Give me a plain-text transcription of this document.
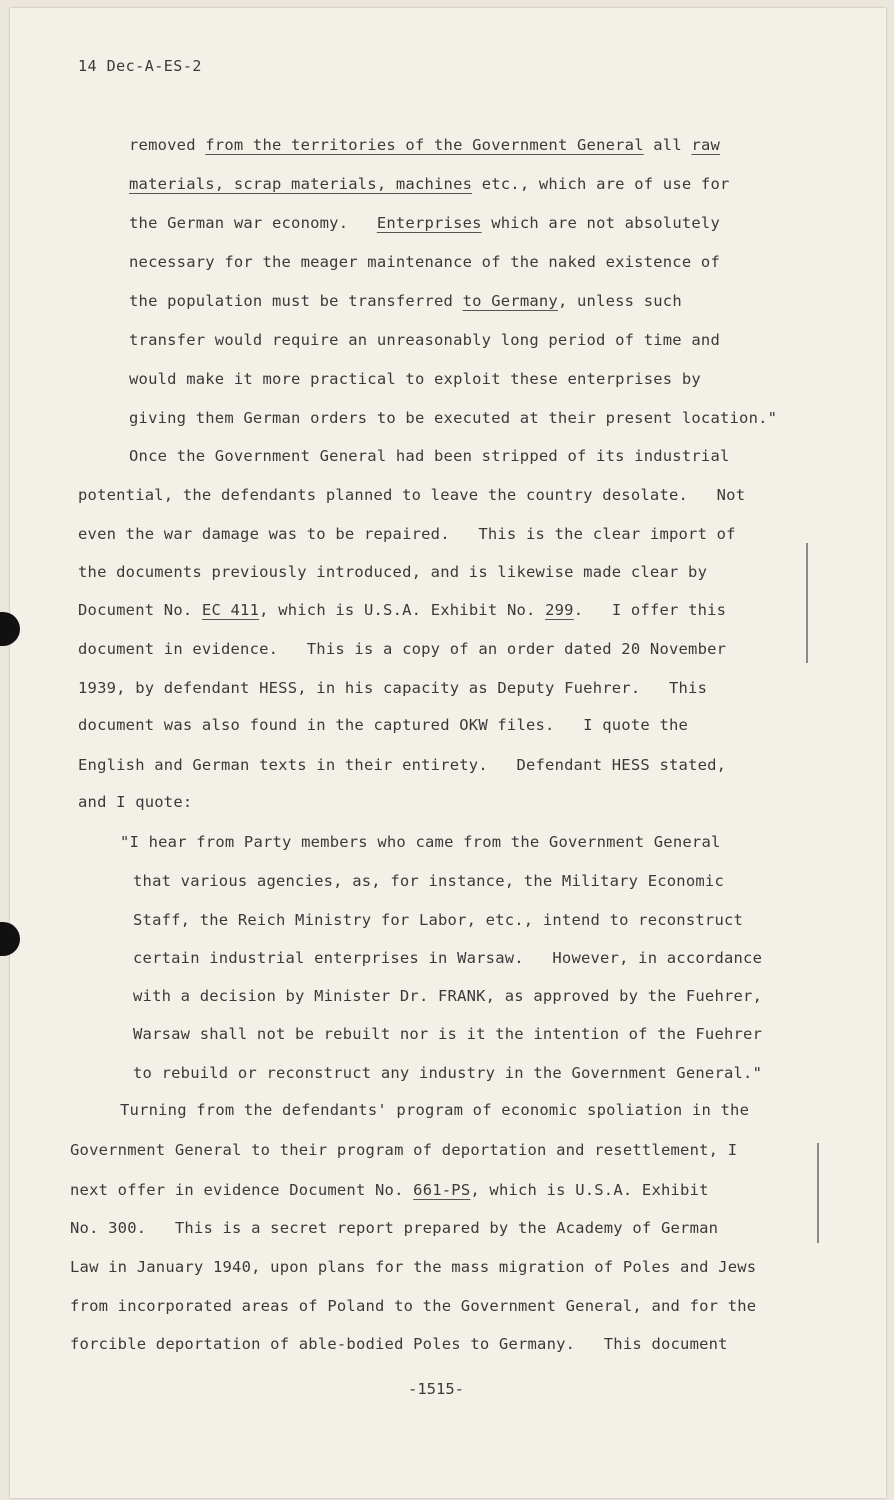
14 Dec-A-ES-2
removed from the territories of the Government General all raw
materials, scrap materials, machines etc., which are of use for
the German war economy.   Enterprises which are not absolutely
necessary for the meager maintenance of the naked existence of
the population must be transferred to Germany, unless such
transfer would require an unreasonably long period of time and
would make it more practical to exploit these enterprises by
giving them German orders to be executed at their present location."
Once the Government General had been stripped of its industrial
potential, the defendants planned to leave the country desolate.   Not
even the war damage was to be repaired.   This is the clear import of
the documents previously introduced, and is likewise made clear by
Document No. EC 411, which is U.S.A. Exhibit No. 299.   I offer this
document in evidence.   This is a copy of an order dated 20 November
1939, by defendant HESS, in his capacity as Deputy Fuehrer.   This
document was also found in the captured OKW files.   I quote the
English and German texts in their entirety.   Defendant HESS stated,
and I quote:
"I hear from Party members who came from the Government General
that various agencies, as, for instance, the Military Economic
Staff, the Reich Ministry for Labor, etc., intend to reconstruct
certain industrial enterprises in Warsaw.   However, in accordance
with a decision by Minister Dr. FRANK, as approved by the Fuehrer,
Warsaw shall not be rebuilt nor is it the intention of the Fuehrer
to rebuild or reconstruct any industry in the Government General."
Turning from the defendants' program of economic spoliation in the
Government General to their program of deportation and resettlement, I
next offer in evidence Document No. 661-PS, which is U.S.A. Exhibit
No. 300.   This is a secret report prepared by the Academy of German
Law in January 1940, upon plans for the mass migration of Poles and Jews
from incorporated areas of Poland to the Government General, and for the
forcible deportation of able-bodied Poles to Germany.   This document
-1515-
